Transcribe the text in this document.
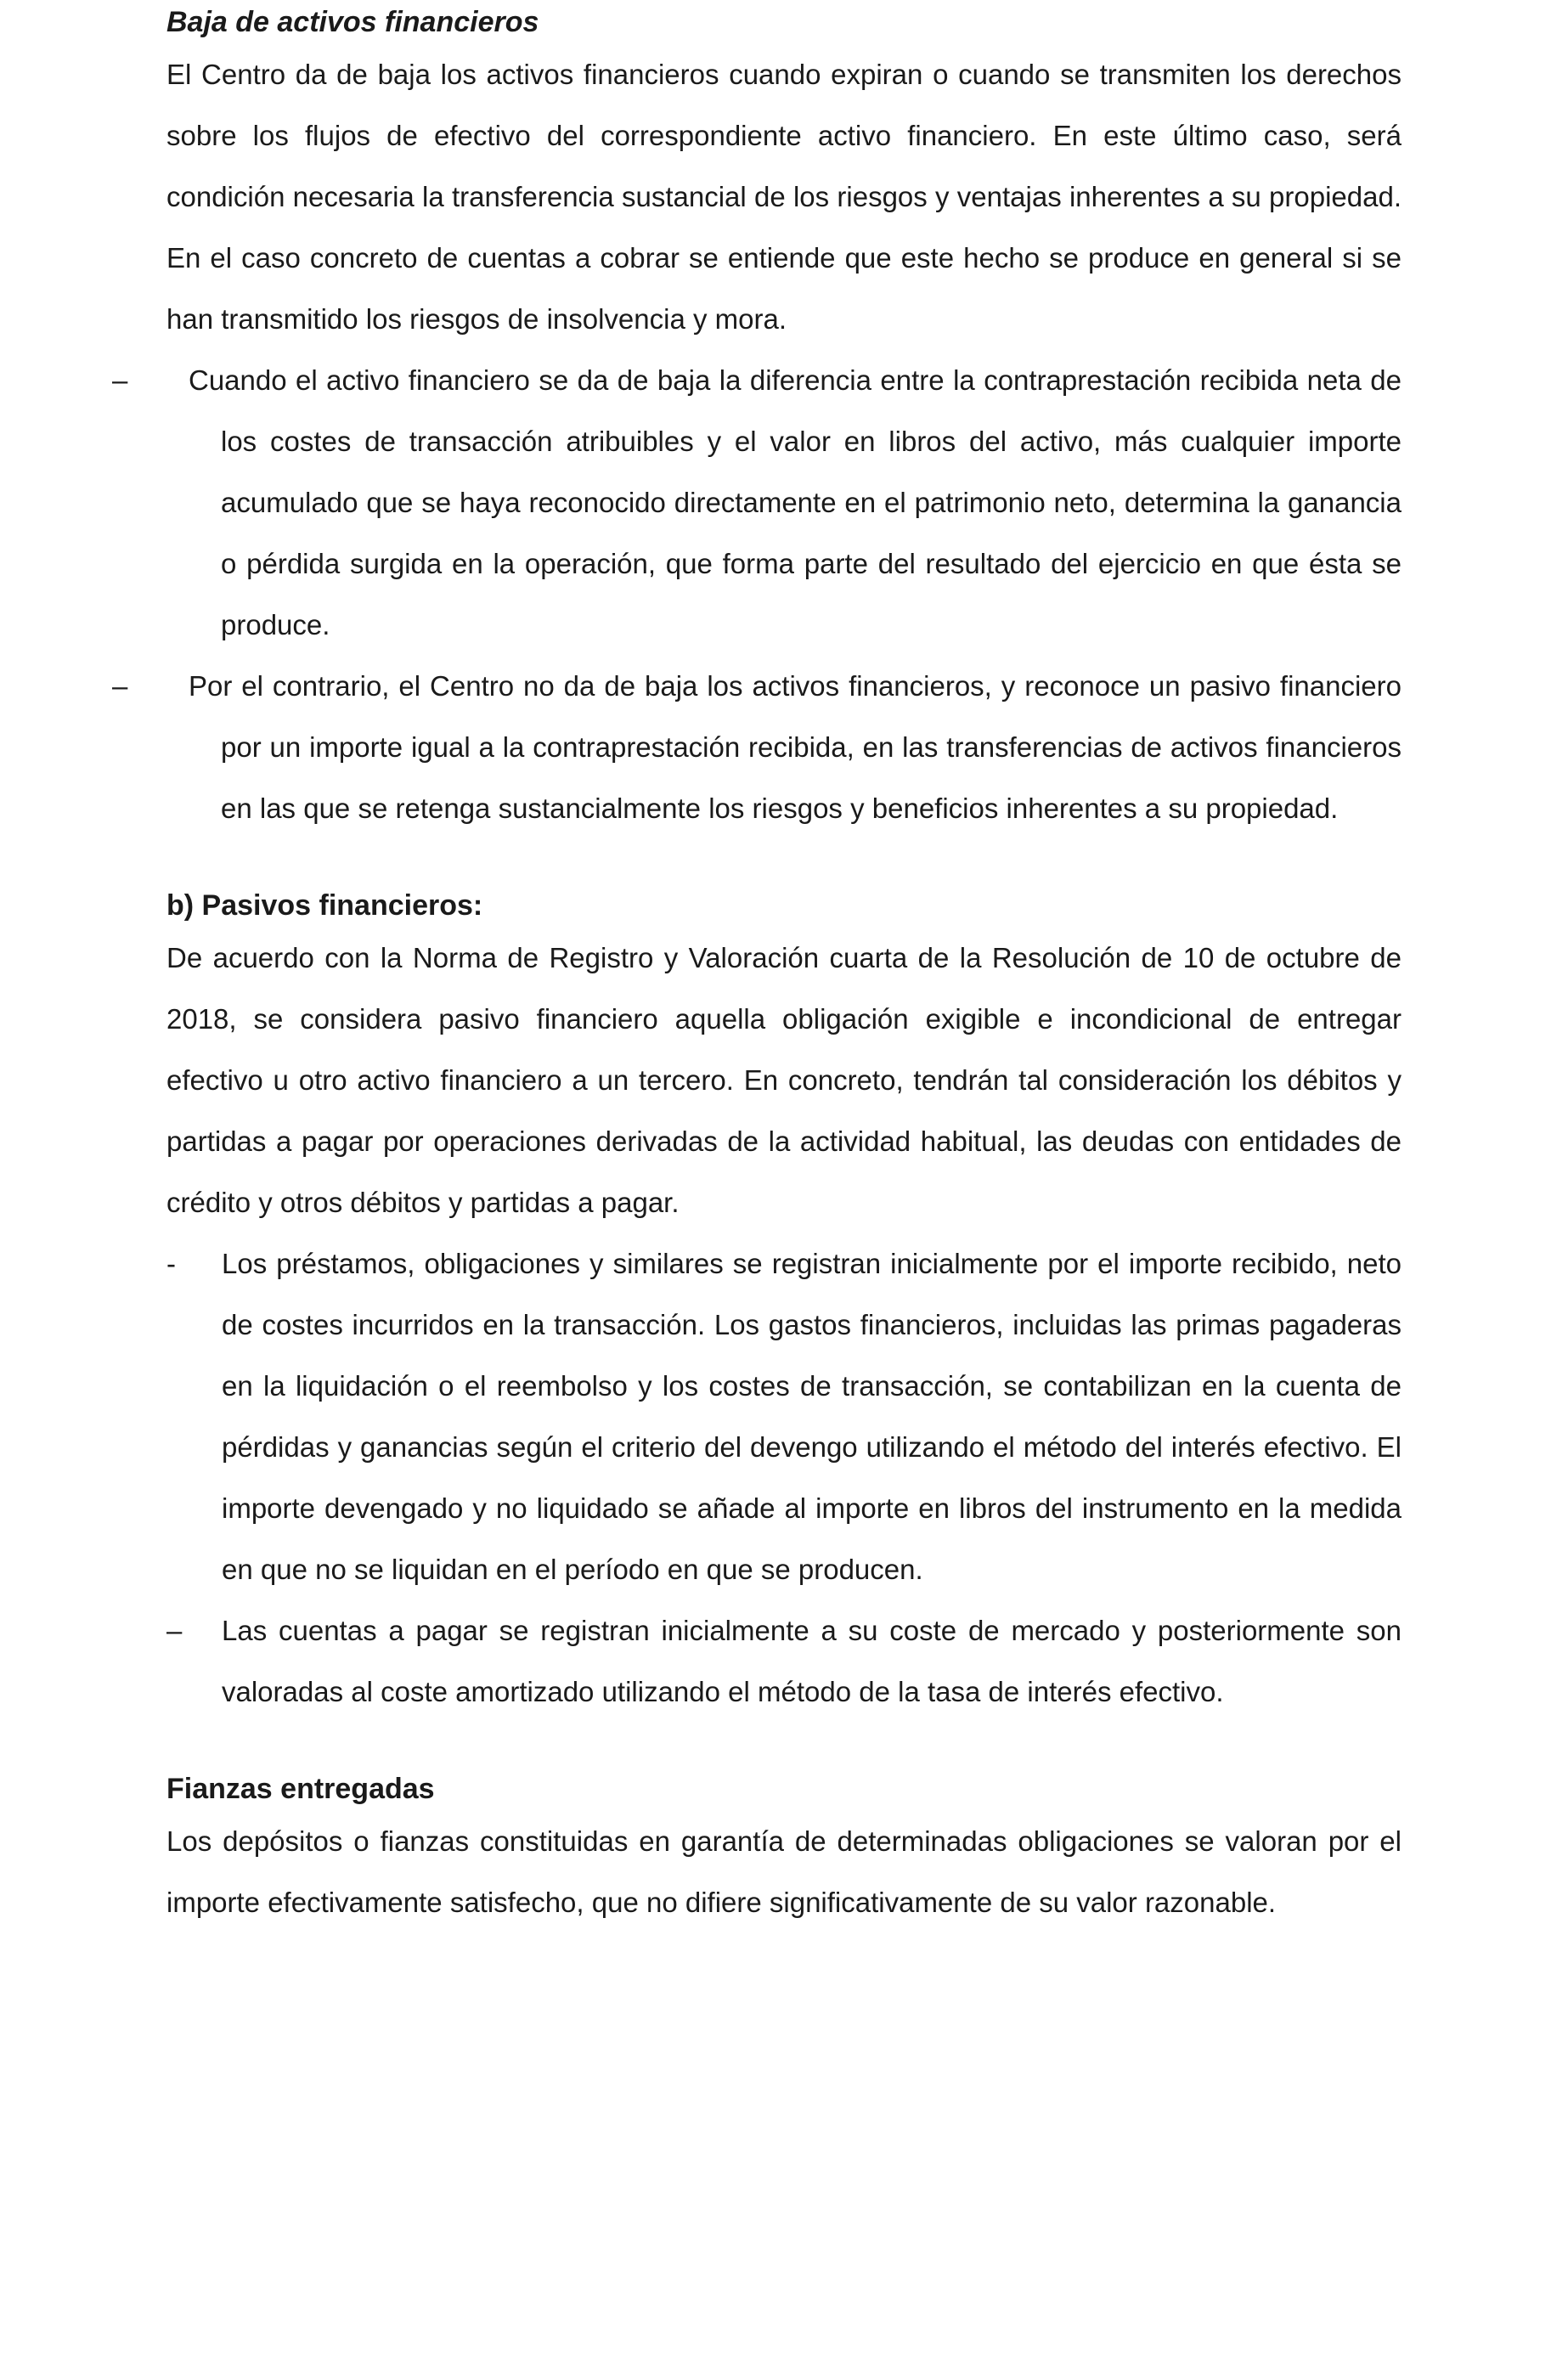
Baja de activos financieros

El Centro da de baja los activos financieros cuando expiran o cuando se transmiten los derechos sobre los flujos de efectivo del correspondiente activo financiero. En este último caso, será condición necesaria la transferencia sustancial de los riesgos y ventajas inherentes a su propiedad. En el caso concreto de cuentas a cobrar se entiende que este hecho se produce en general si se han transmitido los riesgos de insolvencia y mora.

– Cuando el activo financiero se da de baja la diferencia entre la contraprestación recibida neta de los costes de transacción atribuibles y el valor en libros del activo, más cualquier importe acumulado que se haya reconocido directamente en el patrimonio neto, determina la ganancia o pérdida surgida en la operación, que forma parte del resultado del ejercicio en que ésta se produce.

– Por el contrario, el Centro no da de baja los activos financieros, y reconoce un pasivo financiero por un importe igual a la contraprestación recibida, en las transferencias de activos financieros en las que se retenga sustancialmente los riesgos y beneficios inherentes a su propiedad.

b) Pasivos financieros:

De acuerdo con la Norma de Registro y Valoración cuarta de la Resolución de 10 de octubre de 2018, se considera pasivo financiero aquella obligación exigible e incondicional de entregar efectivo u otro activo financiero a un tercero. En concreto, tendrán tal consideración los débitos y partidas a pagar por operaciones derivadas de la actividad habitual, las deudas con entidades de crédito y otros débitos y partidas a pagar.

- Los préstamos, obligaciones y similares se registran inicialmente por el importe recibido, neto de costes incurridos en la transacción. Los gastos financieros, incluidas las primas pagaderas en la liquidación o el reembolso y los costes de transacción, se contabilizan en la cuenta de pérdidas y ganancias según el criterio del devengo utilizando el método del interés efectivo. El importe devengado y no liquidado se añade al importe en libros del instrumento en la medida en que no se liquidan en el período en que se producen.

– Las cuentas a pagar se registran inicialmente a su coste de mercado y posteriormente son valoradas al coste amortizado utilizando el método de la tasa de interés efectivo.

Fianzas entregadas

Los depósitos o fianzas constituidas en garantía de determinadas obligaciones se valoran por el importe efectivamente satisfecho, que no difiere significativamente de su valor razonable.
